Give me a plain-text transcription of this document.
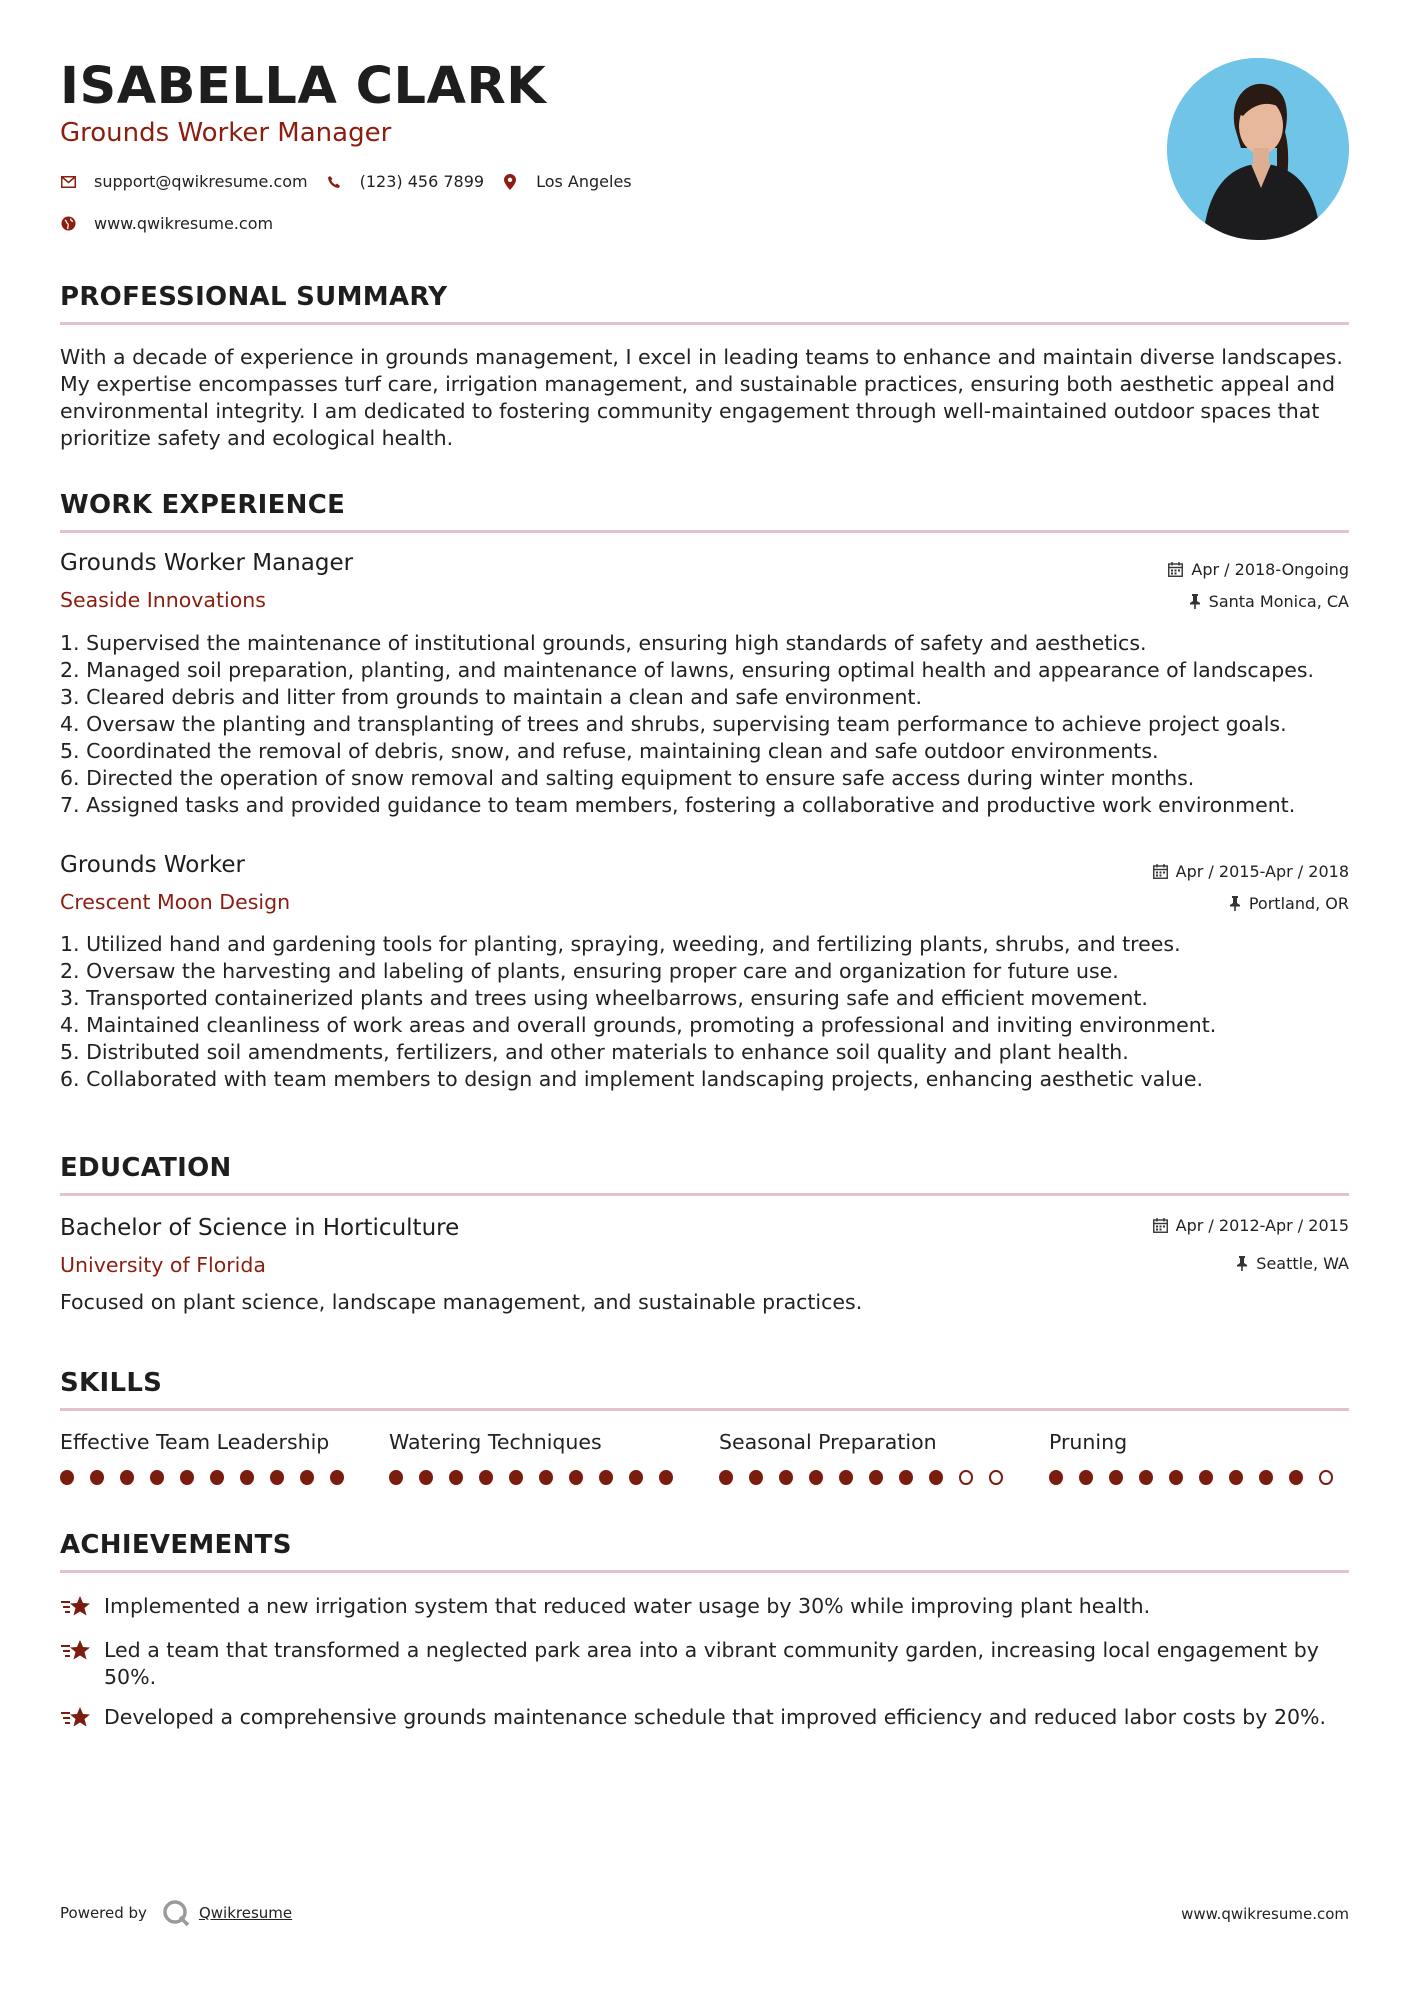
ISABELLA CLARK
Grounds Worker Manager
support@qwikresume.com	(123) 456 7899	Los Angeles
www.qwikresume.com
PROFESSIONAL SUMMARY

With a decade of experience in grounds management, I excel in leading teams to enhance and maintain diverse landscapes. My expertise encompasses turf care, irrigation management, and sustainable practices, ensuring both aesthetic appeal and environmental integrity. I am dedicated to fostering community engagement through well-maintained outdoor spaces that prioritize safety and ecological health.

WORK EXPERIENCE
Grounds Worker Manager
Seaside Innovations
Apr / 2018-Ongoing
Santa Monica, CA
1. Supervised the maintenance of institutional grounds, ensuring high standards of safety and aesthetics.
2. Managed soil preparation, planting, and maintenance of lawns, ensuring optimal health and appearance of landscapes.
3. Cleared debris and litter from grounds to maintain a clean and safe environment.
4. Oversaw the planting and transplanting of trees and shrubs, supervising team performance to achieve project goals.
5. Coordinated the removal of debris, snow, and refuse, maintaining clean and safe outdoor environments.
6. Directed the operation of snow removal and salting equipment to ensure safe access during winter months.
7. Assigned tasks and provided guidance to team members, fostering a collaborative and productive work environment.
Grounds Worker
Crescent Moon Design
Apr / 2015-Apr / 2018
Portland, OR
1. Utilized hand and gardening tools for planting, spraying, weeding, and fertilizing plants, shrubs, and trees.
2. Oversaw the harvesting and labeling of plants, ensuring proper care and organization for future use.
3. Transported containerized plants and trees using wheelbarrows, ensuring safe and efficient movement.
4. Maintained cleanliness of work areas and overall grounds, promoting a professional and inviting environment.
5. Distributed soil amendments, fertilizers, and other materials to enhance soil quality and plant health.
6. Collaborated with team members to design and implement landscaping projects, enhancing aesthetic value.
EDUCATION
Bachelor of Science in Horticulture
University of Florida
Apr / 2012-Apr / 2015
Seattle, WA

Focused on plant science, landscape management, and sustainable practices.

SKILLS
Effective Team Leadership	Watering Techniques	Seasonal Preparation	Pruning
ACHIEVEMENTS
Implemented a new irrigation system that reduced water usage by 30% while improving plant health.
Led a team that transformed a neglected park area into a vibrant community garden, increasing local engagement by 50%.
Developed a comprehensive grounds maintenance schedule that improved efficiency and reduced labor costs by 20%.
Powered by	Qwikresume	www.qwikresume.com
